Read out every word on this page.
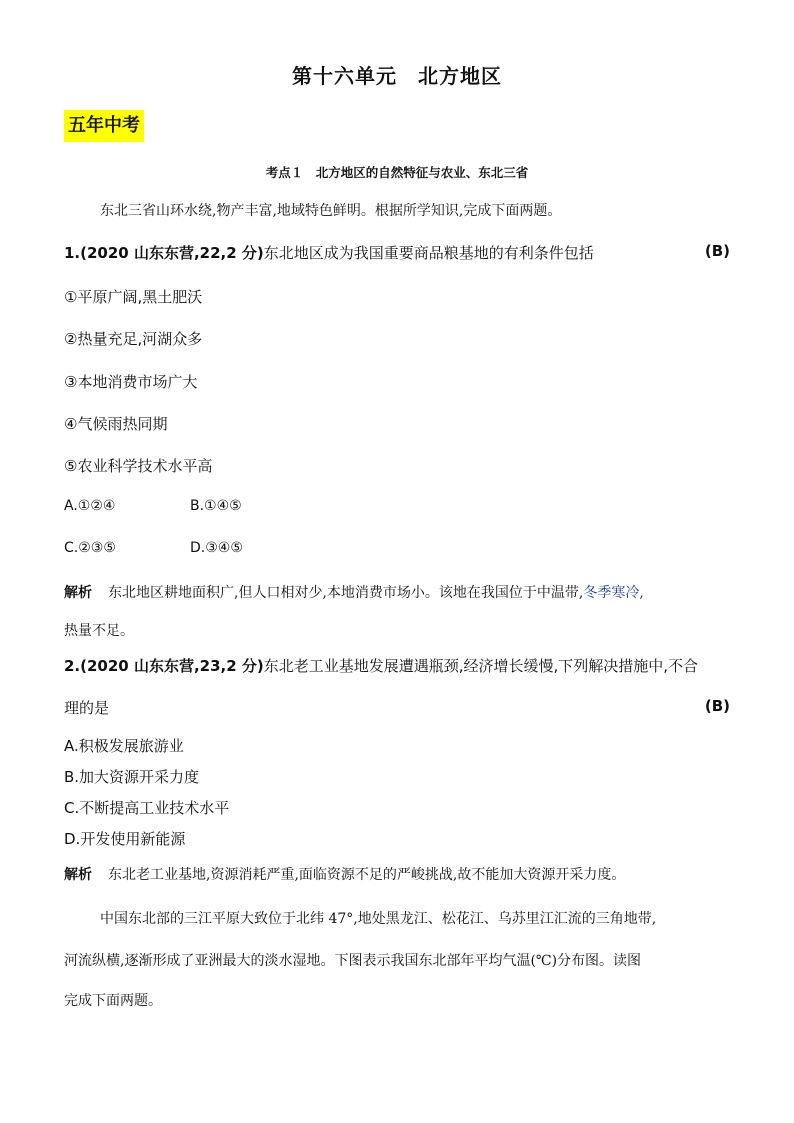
第十六单元　北方地区
五年中考
考点１　北方地区的自然特征与农业、东北三省
东北三省山环水绕,物产丰富,地域特色鲜明。根据所学知识,完成下面两题。
1.(2020 山东东营,22,2 分)东北地区成为我国重要商品粮基地的有利条件包括	(B)
①平原广阔,黑土肥沃
②热量充足,河湖众多
③本地消费市场广大
④气候雨热同期
⑤农业科学技术水平高
A.①②④	B.①④⑤
C.②③⑤	D.③④⑤
解析 东北地区耕地面积广,但人口相对少,本地消费市场小。该地在我国位于中温带,冬季寒冷,
热量不足。
2.(2020 山东东营,23,2 分)东北老工业基地发展遭遇瓶颈,经济增长缓慢,下列解决措施中,不合
理的是	(B)
A.积极发展旅游业
B.加大资源开采力度
C.不断提高工业技术水平
D.开发使用新能源
解析 东北老工业基地,资源消耗严重,面临资源不足的严峻挑战,故不能加大资源开采力度。
中国东北部的三江平原大致位于北纬 47°,地处黑龙江、松花江、乌苏里江汇流的三角地带,
河流纵横,逐渐形成了亚洲最大的淡水湿地。下图表示我国东北部年平均气温(℃)分布图。读图
完成下面两题。
